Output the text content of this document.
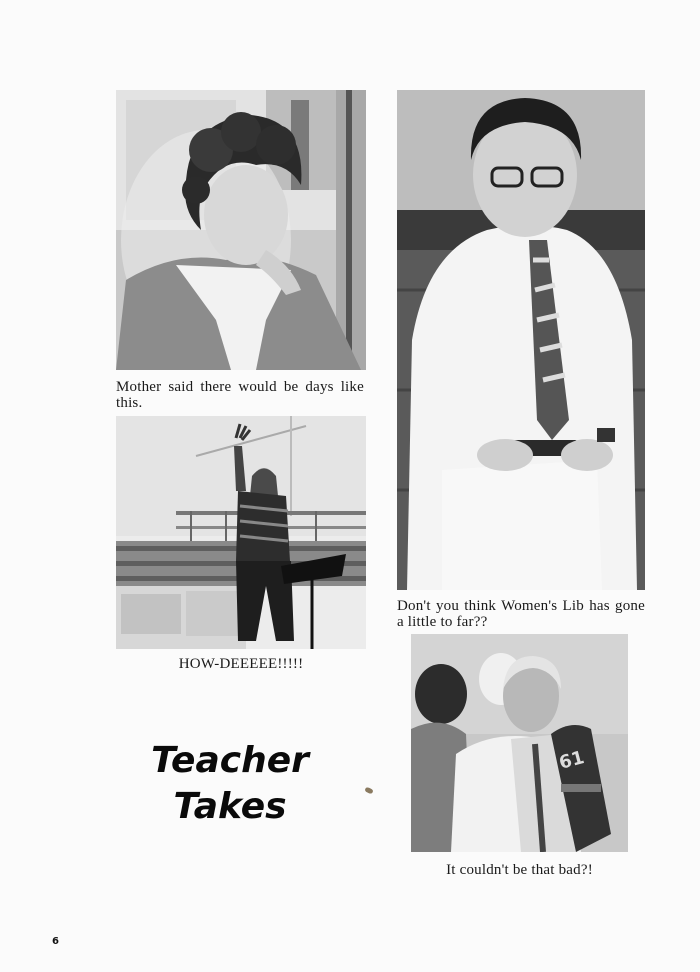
Mother said there would be days like this.
Don't you think Women's Lib has gone a little to far??
HOW-DEEEEE!!!!!
61
It couldn't be that bad?!
Teacher
Takes
6
